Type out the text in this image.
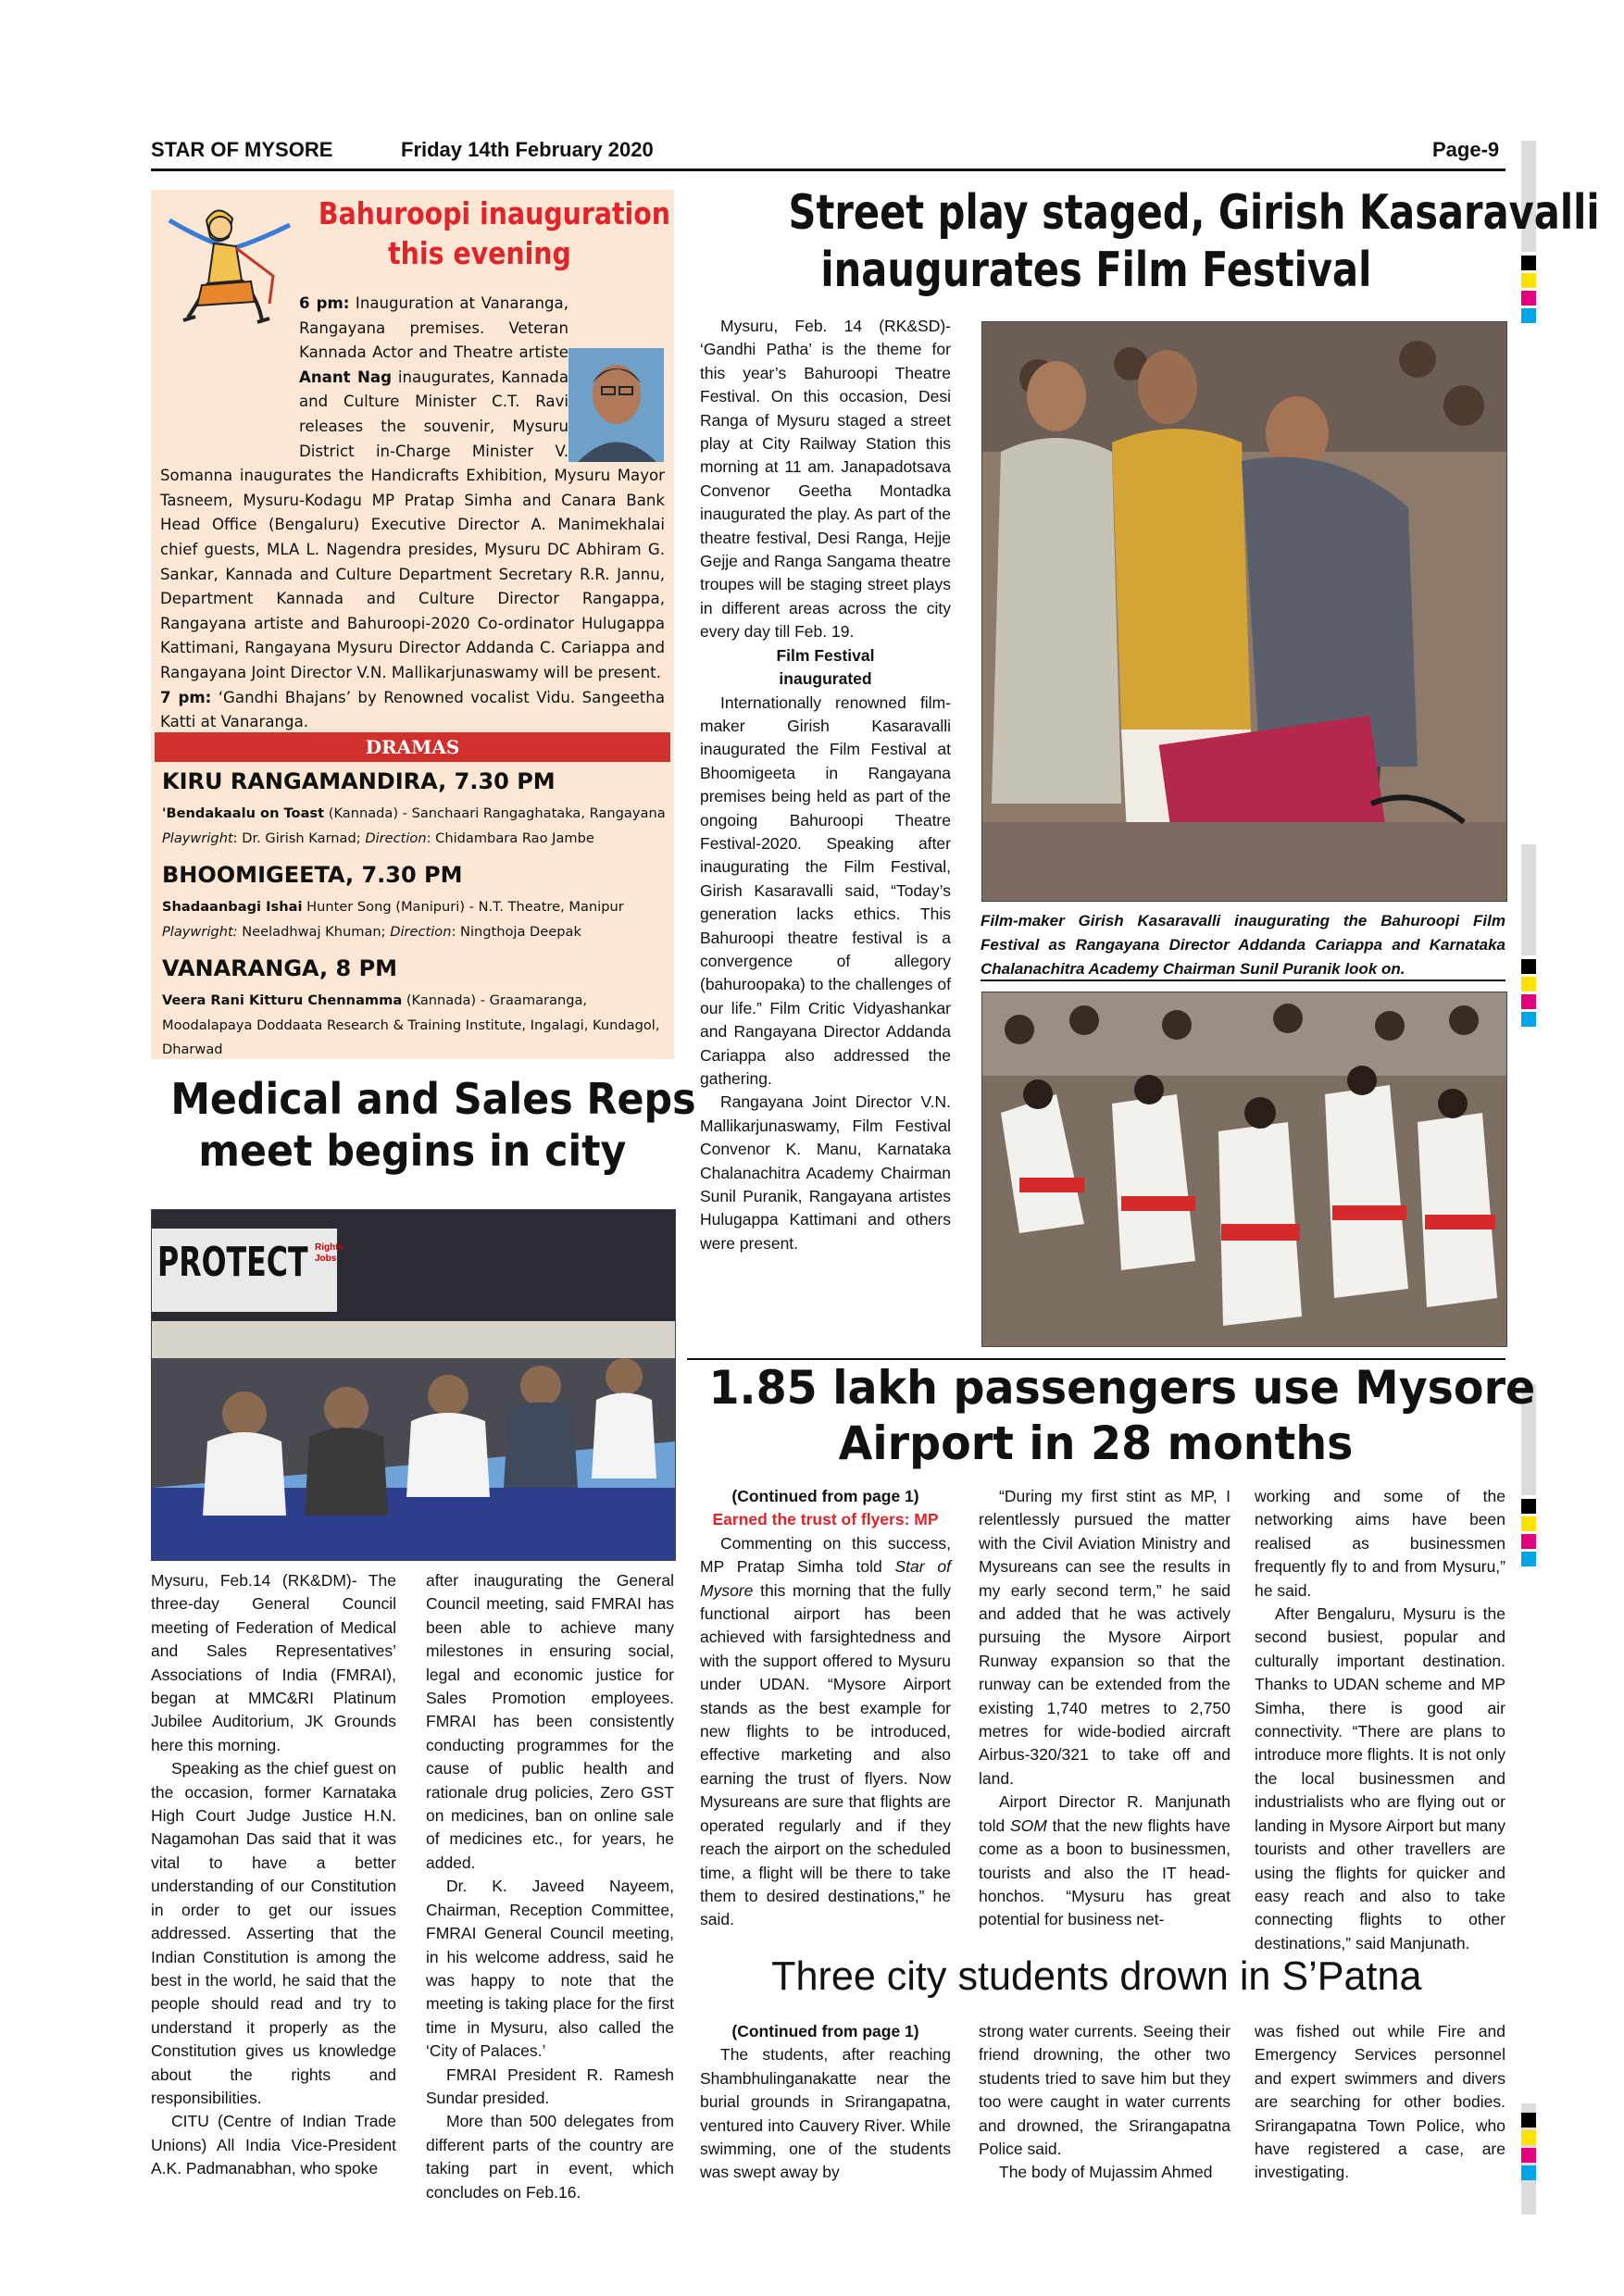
STAR OF MYSORE	Friday 14th February 2020	Page-9
Bahuroopi inauguration
this evening

6 pm: Inauguration at Vanaranga, Rangayana premises. Veteran Kannada Actor and Theatre artiste Anant Nag inaugurates, Kannada and Culture Minister C.T. Ravi releases the souvenir, Mysuru District in-Charge Minister V. Somanna inaugurates the Handicrafts Exhibition, Mysuru Mayor Tasneem, Mysuru-Kodagu MP Pratap Simha and Canara Bank Head Office (Bengaluru) Executive Director A. Manimekhalai chief guests, MLA L. Nagendra presides, Mysuru DC Abhiram G. Sankar, Kannada and Culture Department Secretary R.R. Jannu, Department Kannada and Culture Director Rangappa, Rangayana artiste and Bahuroopi-2020 Co-ordinator Hulugappa Kattimani, Rangayana Mysuru Director Addanda C. Cariappa and Rangayana Joint Director V.N. Mallikarjunaswamy will be present.

7 pm: ‘Gandhi Bhajans’ by Renowned vocalist Vidu. Sangeetha Katti at Vanaranga.

DRAMAS

KIRU RANGAMANDIRA, 7.30 PM

'Bendakaalu on Toast (Kannada) - Sanchaari Rangaghataka, Rangayana

Playwright: Dr. Girish Karnad; Direction: Chidambara Rao Jambe

BHOOMIGEETA, 7.30 PM

Shadaanbagi Ishai Hunter Song (Manipuri) - N.T. Theatre, Manipur

Playwright: Neeladhwaj Khuman; Direction: Ningthoja Deepak

VANARANGA, 8 PM

Veera Rani Kitturu Chennamma (Kannada) - Graamaranga, Moodalapaya Doddaata Research & Training Institute, Ingalagi, Kundagol, Dharwad

Street play staged, Girish Kasaravalli
inaugurates Film Festival

Mysuru, Feb. 14 (RK&SD)- ‘Gandhi Patha’ is the theme for this year’s Bahuroopi Theatre Festival. On this occasion, Desi Ranga of Mysuru staged a street play at City Railway Station this morning at 11 am. Janapadotsava Convenor Geetha Montadka inaugurated the play. As part of the theatre festival, Desi Ranga, Hejje Gejje and Ranga Sangama theatre troupes will be staging street plays in different areas across the city every day till Feb. 19.

Film Festival
inaugurated

Internationally renowned film-maker Girish Kasaravalli inaugurated the Film Festival at Bhoomigeeta in Rangayana premises being held as part of the ongoing Bahuroopi Theatre Festival-2020. Speaking after inaugurating the Film Festival, Girish Kasaravalli said, “Today’s generation lacks ethics. This Bahuroopi theatre festival is a convergence of allegory (bahuroopaka) to the challenges of our life.” Film Critic Vidyashankar and Rangayana Director Addanda Cariappa also addressed the gathering.

Rangayana Joint Director V.N. Mallikarjunaswamy, Film Festival Convenor K. Manu, Karnataka Chalanachitra Academy Chairman Sunil Puranik, Rangayana artistes Hulugappa Kattimani and others were present.

Film-maker Girish Kasaravalli inaugurating the Bahuroopi Film Festival as Rangayana Director Addanda Cariappa and Karnataka Chalanachitra Academy Chairman Sunil Puranik look on.

Medical and Sales Reps
meet begins in city
PROTECT Rights
Jobs

Mysuru, Feb.14 (RK&DM)- The three-day General Council meeting of Federation of Medical and Sales Representatives’ Associations of India (FMRAI), began at MMC&RI Platinum Jubilee Auditorium, JK Grounds here this morning.

Speaking as the chief guest on the occasion, former Karnataka High Court Judge Justice H.N. Nagamohan Das said that it was vital to have a better understanding of our Constitution in order to get our issues addressed. Asserting that the Indian Constitution is among the best in the world, he said that the people should read and try to understand it properly as the Constitution gives us knowledge about the rights and responsibilities.

CITU (Centre of Indian Trade Unions) All India Vice-President A.K. Padmanabhan, who spoke

after inaugurating the General Council meeting, said FMRAI has been able to achieve many milestones in ensuring social, legal and economic justice for Sales Promotion employees. FMRAI has been consistently conducting programmes for the cause of public health and rationale drug policies, Zero GST on medicines, ban on online sale of medicines etc., for years, he added.

Dr. K. Javeed Nayeem, Chairman, Reception Committee, FMRAI General Council meeting, in his welcome address, said he was happy to note that the meeting is taking place for the first time in Mysuru, also called the ‘City of Palaces.’

FMRAI President R. Ramesh Sundar presided.

More than 500 delegates from different parts of the country are taking part in event, which concludes on Feb.16.

1.85 lakh passengers use Mysore
Airport in 28 months

(Continued from page 1)

Earned the trust of flyers: MP

Commenting on this success, MP Pratap Simha told Star of Mysore this morning that the fully functional airport has been achieved with farsightedness and with the support offered to Mysuru under UDAN. “Mysore Airport stands as the best example for new flights to be introduced, effective marketing and also earning the trust of flyers. Now Mysureans are sure that flights are operated regularly and if they reach the airport on the scheduled time, a flight will be there to take them to desired destinations,” he said.

“During my first stint as MP, I relentlessly pursued the matter with the Civil Aviation Ministry and Mysureans can see the results in my early second term,” he said and added that he was actively pursuing the Mysore Airport Runway expansion so that the runway can be extended from the existing 1,740 metres to 2,750 metres for wide-bodied aircraft Airbus-320/321 to take off and land.

Airport Director R. Manjunath told SOM that the new flights have come as a boon to businessmen, tourists and also the IT head-honchos. “Mysuru has great potential for business net-

working and some of the networking aims have been realised as businessmen frequently fly to and from Mysuru,” he said.

After Bengaluru, Mysuru is the second busiest, popular and culturally important destination. Thanks to UDAN scheme and MP Simha, there is good air connectivity. “There are plans to introduce more flights. It is not only the local businessmen and industrialists who are flying out or landing in Mysore Airport but many tourists and other travellers are using the flights for quicker and easy reach and also to take connecting flights to other destinations,” said Manjunath.

Three city students drown in S’Patna

(Continued from page 1)

The students, after reaching Shambhulinganakatte near the burial grounds in Srirangapatna, ventured into Cauvery River. While swimming, one of the students was swept away by

strong water currents. Seeing their friend drowning, the other two students tried to save him but they too were caught in water currents and drowned, the Srirangapatna Police said.

The body of Mujassim Ahmed

was fished out while Fire and Emergency Services personnel and expert swimmers and divers are searching for other bodies. Srirangapatna Town Police, who have registered a case, are investigating.
